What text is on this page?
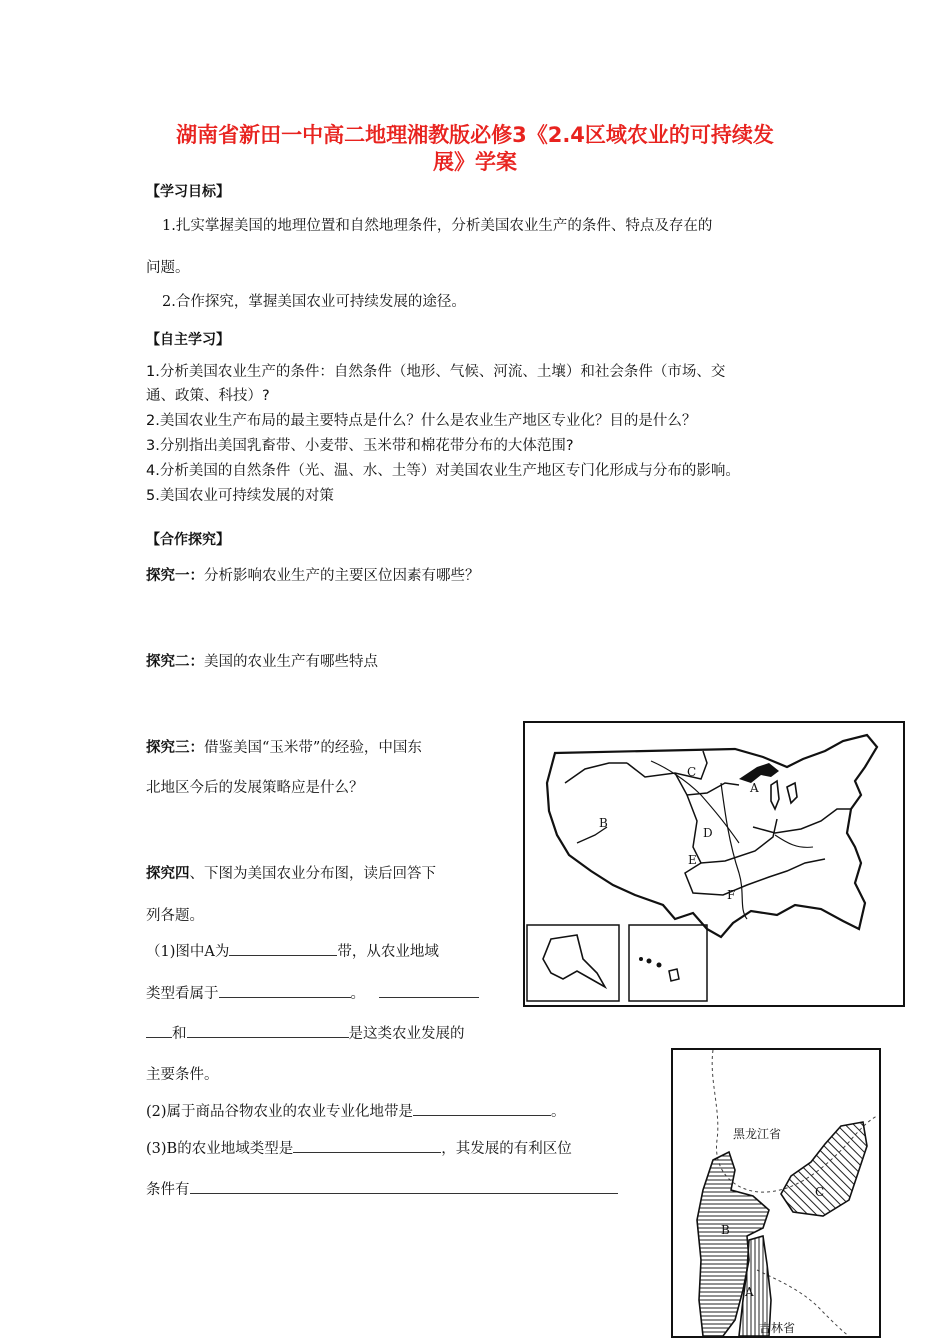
湖南省新田一中高二地理湘教版必修3《2.4区域农业的可持续发
展》学案
【学习目标】
1.扎实掌握美国的地理位置和自然地理条件，分析美国农业生产的条件、特点及存在的
问题。
2.合作探究，掌握美国农业可持续发展的途径。
【自主学习】
1.分析美国农业生产的条件：自然条件（地形、气候、河流、土壤）和社会条件（市场、交
通、政策、科技）?
2.美国农业生产布局的最主要特点是什么？什么是农业生产地区专业化？目的是什么？
3.分别指出美国乳畜带、小麦带、玉米带和棉花带分布的大体范围?
4.分析美国的自然条件（光、温、水、土等）对美国农业生产地区专门化形成与分布的影响。
5.美国农业可持续发展的对策
【合作探究】
探究一：分析影响农业生产的主要区位因素有哪些？
探究二：美国的农业生产有哪些特点
探究三：借鉴美国“玉米带”的经验，中国东
北地区今后的发展策略应是什么？
探究四、下图为美国农业分布图，读后回答下
列各题。
（1)图中A为	带，从农业地域
类型看属于	。
和	是这类农业发展的
主要条件。
(2)属于商品谷物农业的农业专业化地带是	。
(3)B的农业地域类型是	，其发展的有利区位
条件有
A
B
C
D
E
F
黑龙江省
吉林省
A
B
C
